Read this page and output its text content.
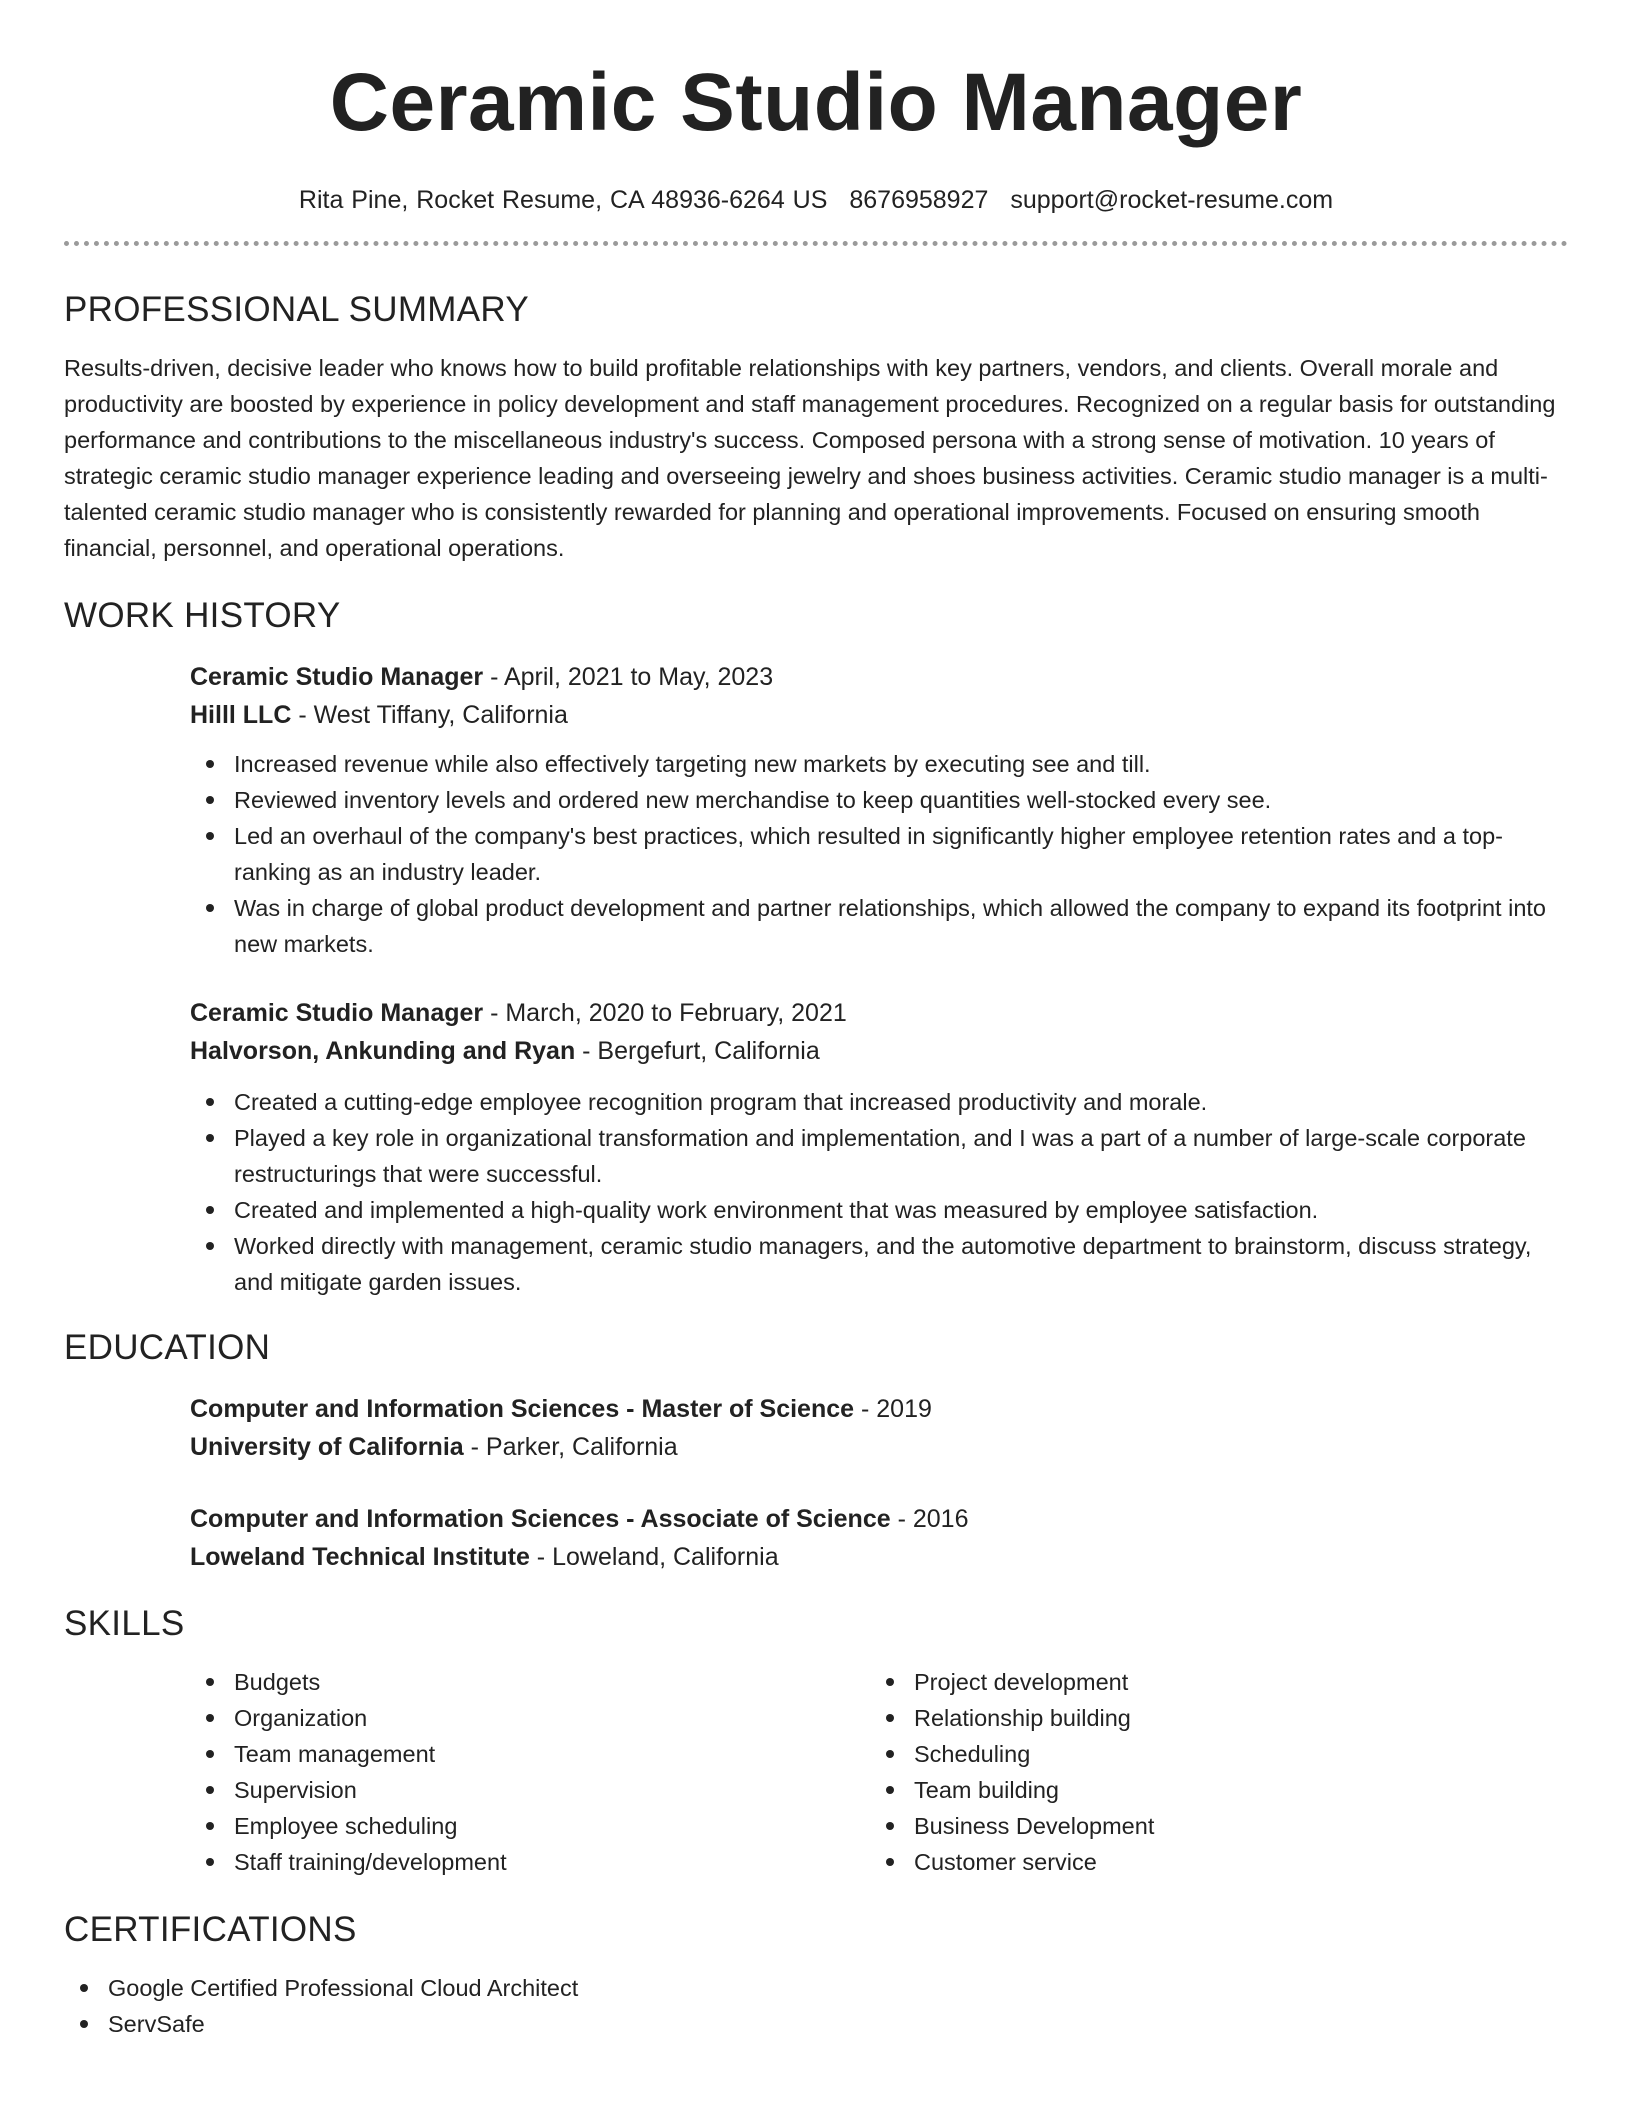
Ceramic Studio Manager
Rita Pine, Rocket Resume, CA 48936-6264 US 8676958927 support@rocket-resume.com
PROFESSIONAL SUMMARY

Results-driven, decisive leader who knows how to build profitable relationships with key partners, vendors, and clients. Overall morale and productivity are boosted by experience in policy development and staff management procedures. Recognized on a regular basis for outstanding performance and contributions to the miscellaneous industry's success. Composed persona with a strong sense of motivation. 10 years of strategic ceramic studio manager experience leading and overseeing jewelry and shoes business activities. Ceramic studio manager is a multi-talented ceramic studio manager who is consistently rewarded for planning and operational improvements. Focused on ensuring smooth financial, personnel, and operational operations.

WORK HISTORY
Ceramic Studio Manager - April, 2021 to May, 2023
Hilll LLC - West Tiffany, California
Increased revenue while also effectively targeting new markets by executing see and till.
Reviewed inventory levels and ordered new merchandise to keep quantities well-stocked every see.
Led an overhaul of the company's best practices, which resulted in significantly higher employee retention rates and a top-ranking as an industry leader.
Was in charge of global product development and partner relationships, which allowed the company to expand its footprint into new markets.
Ceramic Studio Manager - March, 2020 to February, 2021
Halvorson, Ankunding and Ryan - Bergefurt, California
Created a cutting-edge employee recognition program that increased productivity and morale.
Played a key role in organizational transformation and implementation, and I was a part of a number of large-scale corporate restructurings that were successful.
Created and implemented a high-quality work environment that was measured by employee satisfaction.
Worked directly with management, ceramic studio managers, and the automotive department to brainstorm, discuss strategy, and mitigate garden issues.
EDUCATION
Computer and Information Sciences - Master of Science - 2019
University of California - Parker, California
Computer and Information Sciences - Associate of Science - 2016
Loweland Technical Institute - Loweland, California
SKILLS
Budgets
Organization
Team management
Supervision
Employee scheduling
Staff training/development
Project development
Relationship building
Scheduling
Team building
Business Development
Customer service
CERTIFICATIONS
Google Certified Professional Cloud Architect
ServSafe
